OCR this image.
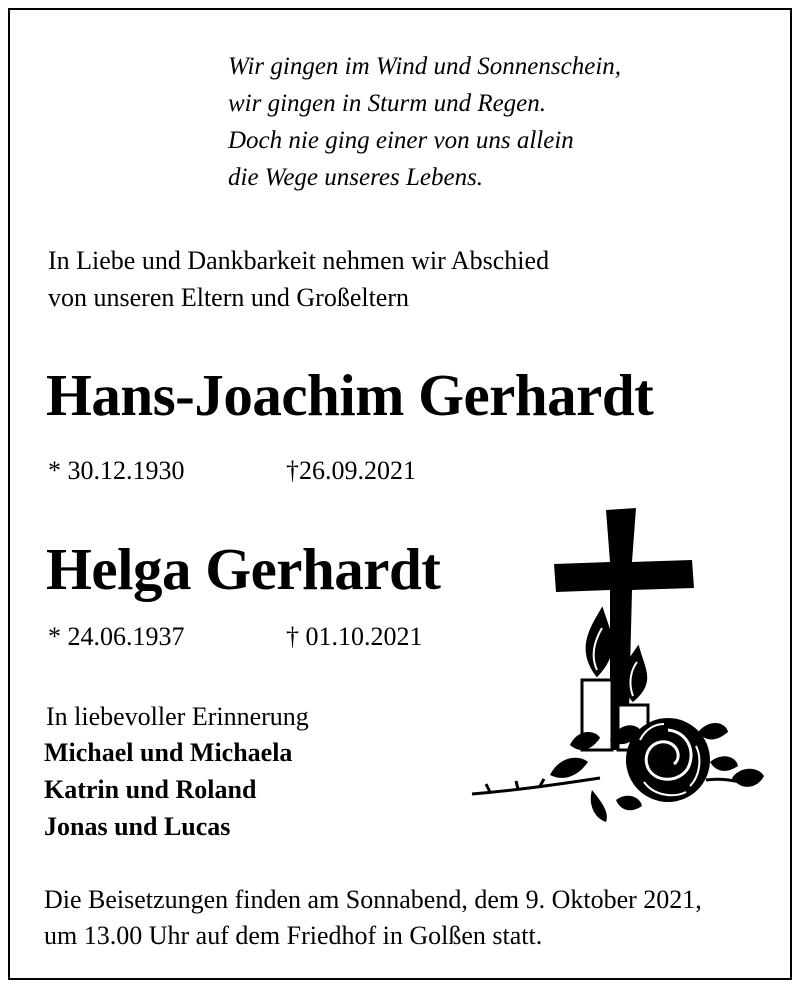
Wir gingen im Wind und Sonnenschein,
wir gingen in Sturm und Regen.
Doch nie ging einer von uns allein
die Wege unseres Lebens.
In Liebe und Dankbarkeit nehmen wir Abschied
von unseren Eltern und Großeltern
Hans-Joachim Gerhardt
* 30.12.1930	†26.09.2021
Helga Gerhardt
* 24.06.1937	† 01.10.2021
In liebevoller Erinnerung
Michael und Michaela
Katrin und Roland
Jonas und Lucas
Die Beisetzungen finden am Sonnabend, dem 9. Oktober 2021,
um 13.00 Uhr auf dem Friedhof in Golßen statt.
